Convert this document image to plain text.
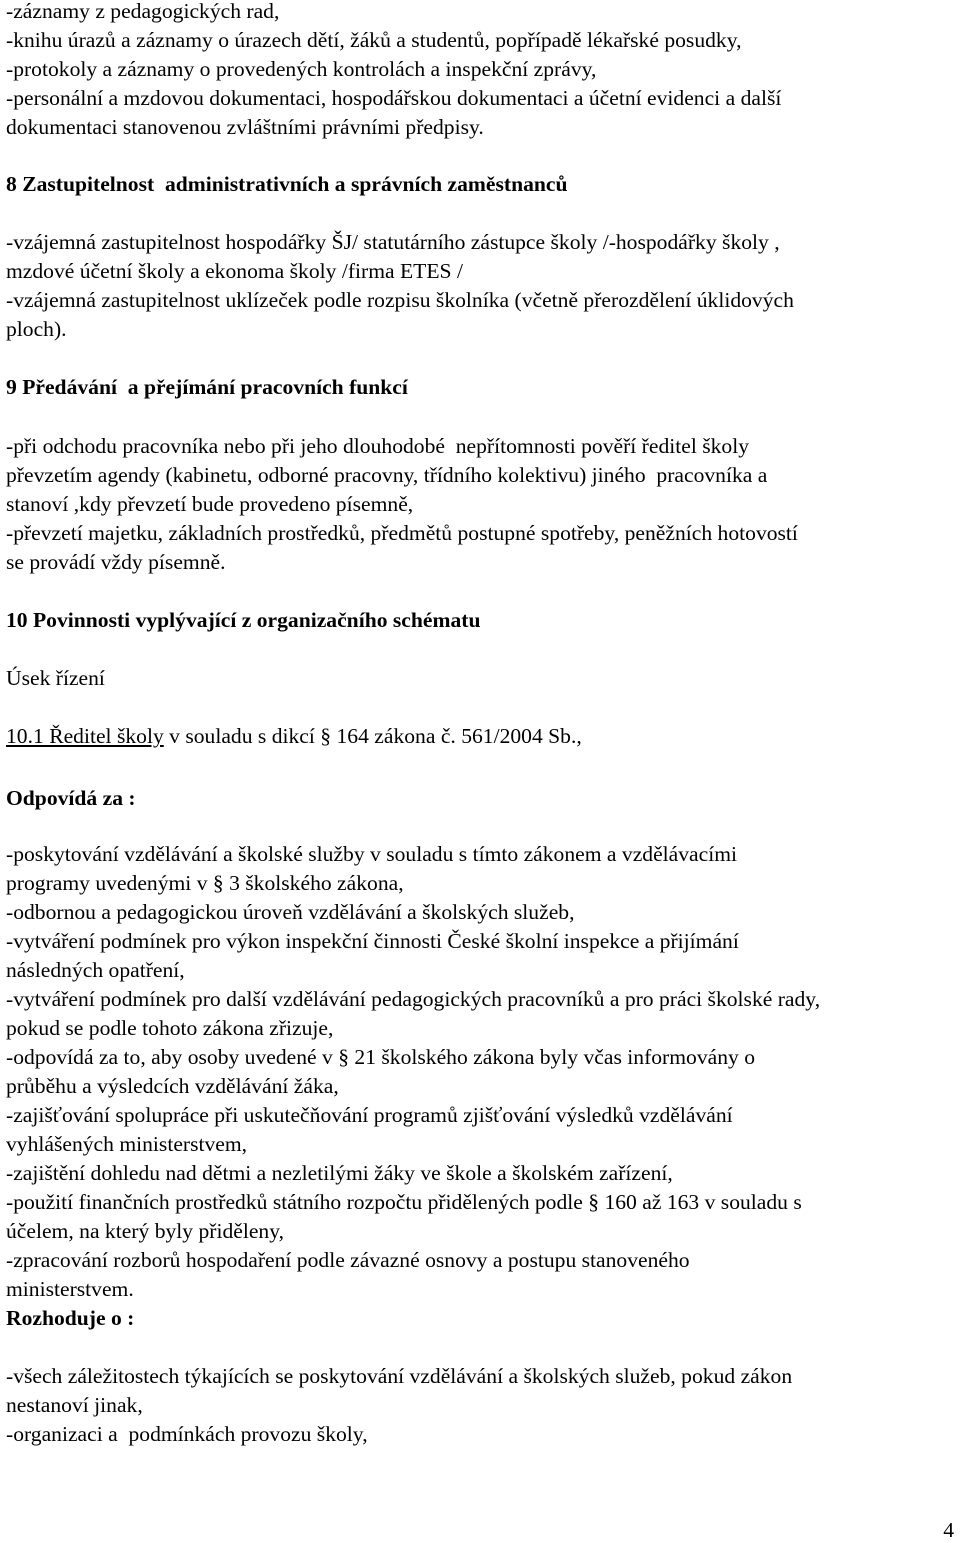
-záznamy z pedagogických rad,
-knihu úrazů a záznamy o úrazech dětí, žáků a studentů, popřípadě lékařské posudky,
-protokoly a záznamy o provedených kontrolách a inspekční zprávy,
-personální a mzdovou dokumentaci, hospodářskou dokumentaci a účetní evidenci a další
dokumentaci stanovenou zvláštními právními předpisy.
8 Zastupitelnost  administrativních a správních zaměstnanců
-vzájemná zastupitelnost hospodářky ŠJ/ statutárního zástupce školy /-hospodářky školy ,
mzdové účetní školy a ekonoma školy /firma ETES /
-vzájemná zastupitelnost uklízeček podle rozpisu školníka (včetně přerozdělení úklidových
ploch).
9 Předávání  a přejímání pracovních funkcí
-při odchodu pracovníka nebo při jeho dlouhodobé  nepřítomnosti pověří ředitel školy
převzetím agendy (kabinetu, odborné pracovny, třídního kolektivu) jiného  pracovníka a
stanoví ,kdy převzetí bude provedeno písemně,
-převzetí majetku, základních prostředků, předmětů postupné spotřeby, peněžních hotovostí
se provádí vždy písemně.
10 Povinnosti vyplývající z organizačního schématu
Úsek řízení
10.1 Ředitel školy v souladu s dikcí § 164 zákona č. 561/2004 Sb.,
Odpovídá za :
-poskytování vzdělávání a školské služby v souladu s tímto zákonem a vzdělávacími
programy uvedenými v § 3 školského zákona,
-odbornou a pedagogickou úroveň vzdělávání a školských služeb,
-vytváření podmínek pro výkon inspekční činnosti České školní inspekce a přijímání
následných opatření,
-vytváření podmínek pro další vzdělávání pedagogických pracovníků a pro práci školské rady,
pokud se podle tohoto zákona zřizuje,
-odpovídá za to, aby osoby uvedené v § 21 školského zákona byly včas informovány o
průběhu a výsledcích vzdělávání žáka,
-zajišťování spolupráce při uskutečňování programů zjišťování výsledků vzdělávání
vyhlášených ministerstvem,
-zajištění dohledu nad dětmi a nezletilými žáky ve škole a školském zařízení,
-použití finančních prostředků státního rozpočtu přidělených podle § 160 až 163 v souladu s
účelem, na který byly přiděleny,
-zpracování rozborů hospodaření podle závazné osnovy a postupu stanoveného
ministerstvem.
Rozhoduje o :
-všech záležitostech týkajících se poskytování vzdělávání a školských služeb, pokud zákon
nestanoví jinak,
-organizaci a  podmínkách provozu školy,
4
